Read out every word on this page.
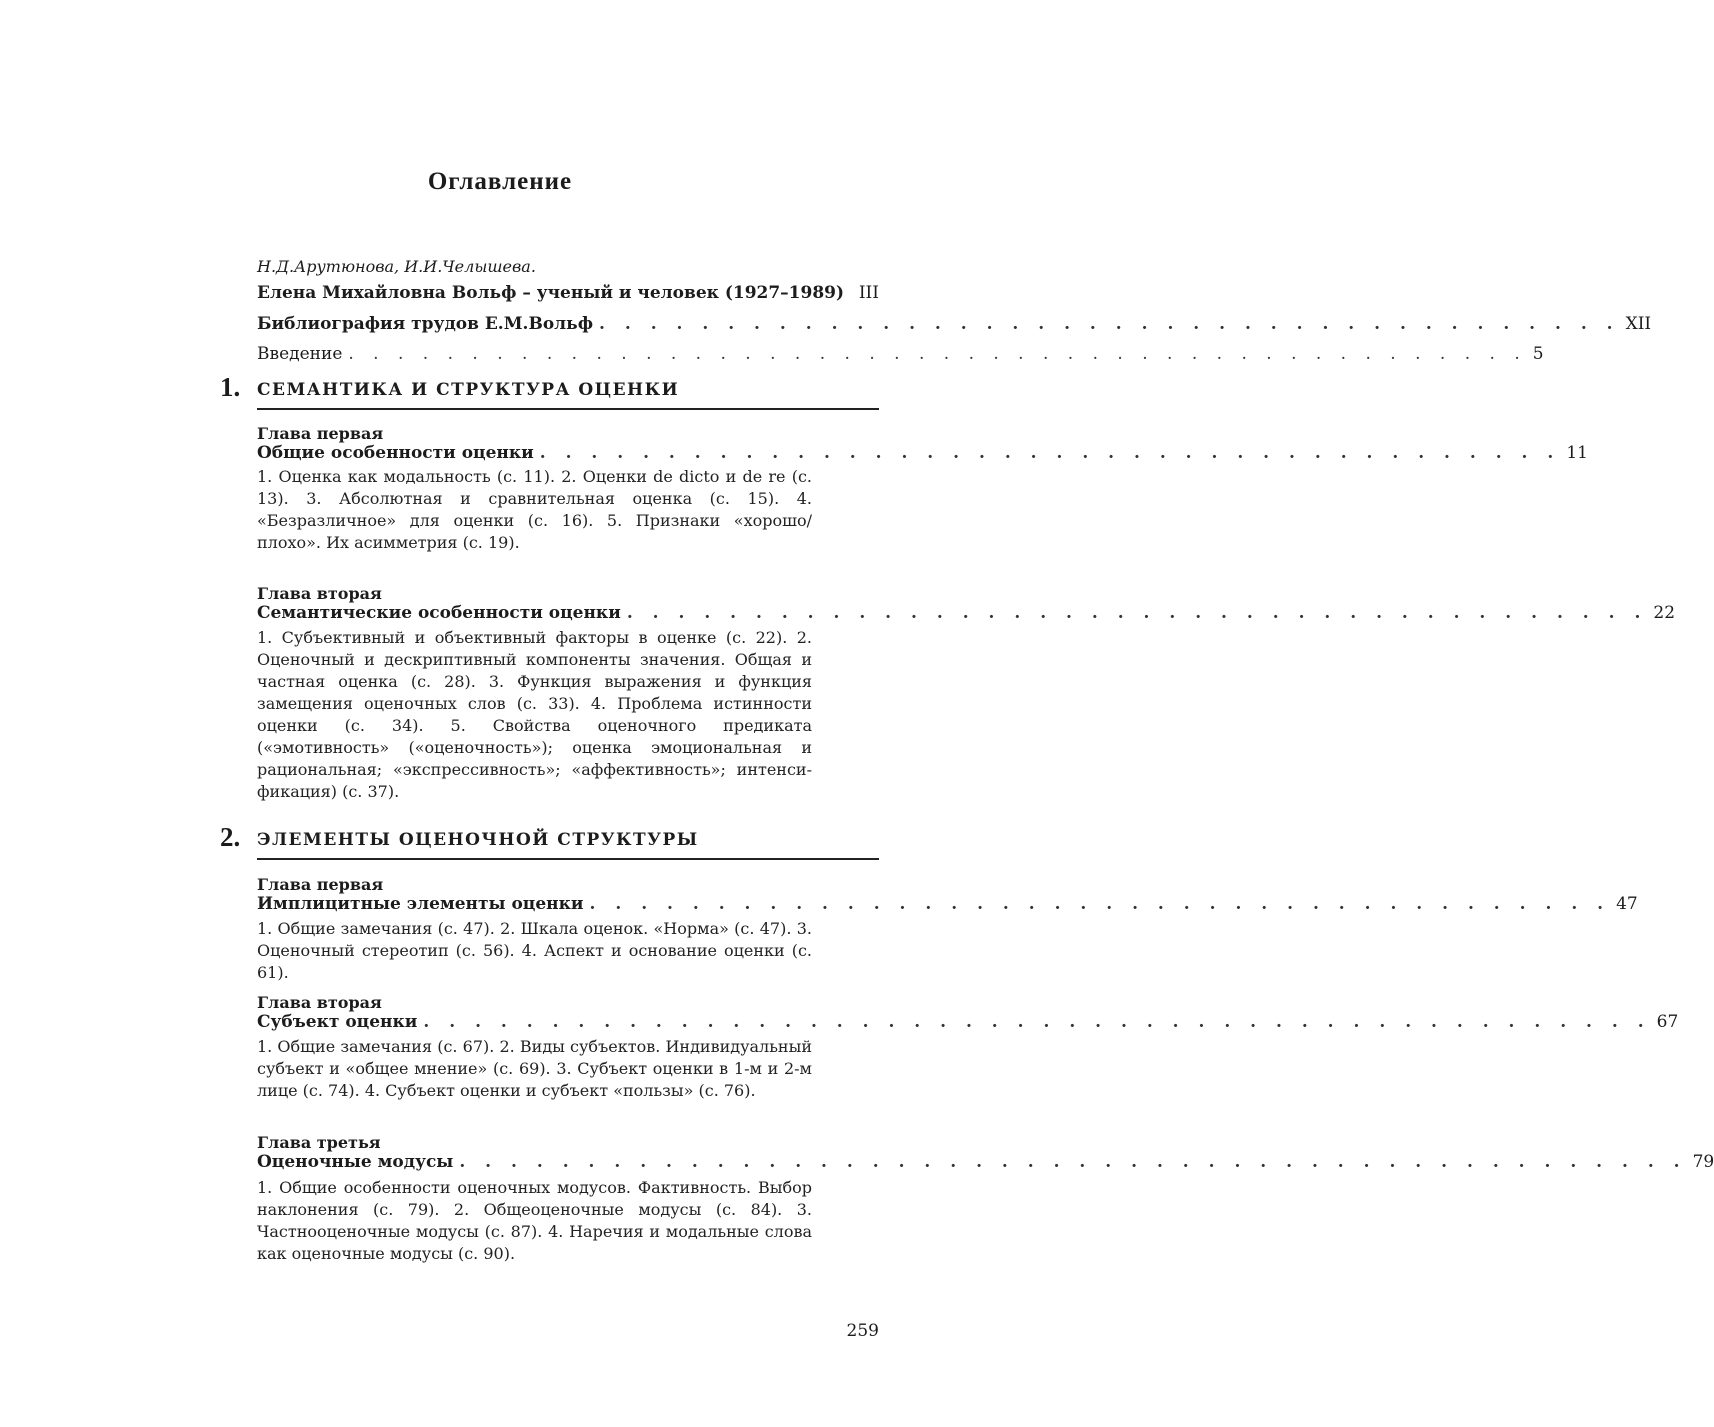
Оглавление
Н.Д.Арутюнова, И.И.Челышева.
Елена Михайловна Вольф – ученый и человек (1927–1989) III
Библиография трудов Е.М.Вольф . . . . . . . . . . . . . . . . . . . . . . . . . . . . . . . . . . . . . . . . XII
Введение . . . . . . . . . . . . . . . . . . . . . . . . . . . . . . . . . . . . . . . . . . . . . . . . 5
1. СЕМАНТИКА И СТРУКТУРА ОЦЕНКИ
Глава первая
Общие особенности оценки . . . . . . . . . . . . . . . . . . . . . . . . . . . . . . . . . . . . . . . . 11
1. Оценка как модальность (с. 11). 2. Оценки de dicto и de re (с. 13). 3. Абсолютная и сравнительная оценка (с. 15). 4. «Безразличное» для оценки (с. 16). 5. Признаки «хорошо/плохо». Их асимметрия (с. 19).
Глава вторая
Семантические особенности оценки . . . . . . . . . . . . . . . . . . . . . . . . . . . . . . . . . . . . . . . . 22
1. Субъективный и объективный факторы в оценке (с. 22). 2. Оценочный и дескриптивный компоненты значения. Общая и частная оценка (с. 28). 3. Функция выражения и функция замещения оценочных слов (с. 33). 4. Проблема истинности оценки (с. 34). 5. Свойства оценочного предиката («эмотивность» («оценочность»); оценка эмоциональная и рациональная; «экспрессивность»; «аффективность»; интенсификация) (с. 37).
2. ЭЛЕМЕНТЫ ОЦЕНОЧНОЙ СТРУКТУРЫ
Глава первая
Имплицитные элементы оценки . . . . . . . . . . . . . . . . . . . . . . . . . . . . . . . . . . . . . . . . 47
1. Общие замечания (с. 47). 2. Шкала оценок. «Норма» (с. 47). 3. Оценочный стереотип (с. 56). 4. Аспект и основание оценки (с. 61).
Глава вторая
Субъект оценки . . . . . . . . . . . . . . . . . . . . . . . . . . . . . . . . . . . . . . . . . . . . . . . . 67
1. Общие замечания (с. 67). 2. Виды субъектов. Индивидуальный субъект и «общее мнение» (с. 69). 3. Субъект оценки в 1-м и 2-м лице (с. 74). 4. Субъект оценки и субъект «пользы» (с. 76).
Глава третья
Оценочные модусы . . . . . . . . . . . . . . . . . . . . . . . . . . . . . . . . . . . . . . . . . . . . . . . . 79
1. Общие особенности оценочных модусов. Фактивность. Выбор наклонения (с. 79). 2. Общеоценочные модусы (с. 84). 3. Частнооценочные модусы (с. 87). 4. Наречия и модальные слова как оценочные модусы (с. 90).
259
